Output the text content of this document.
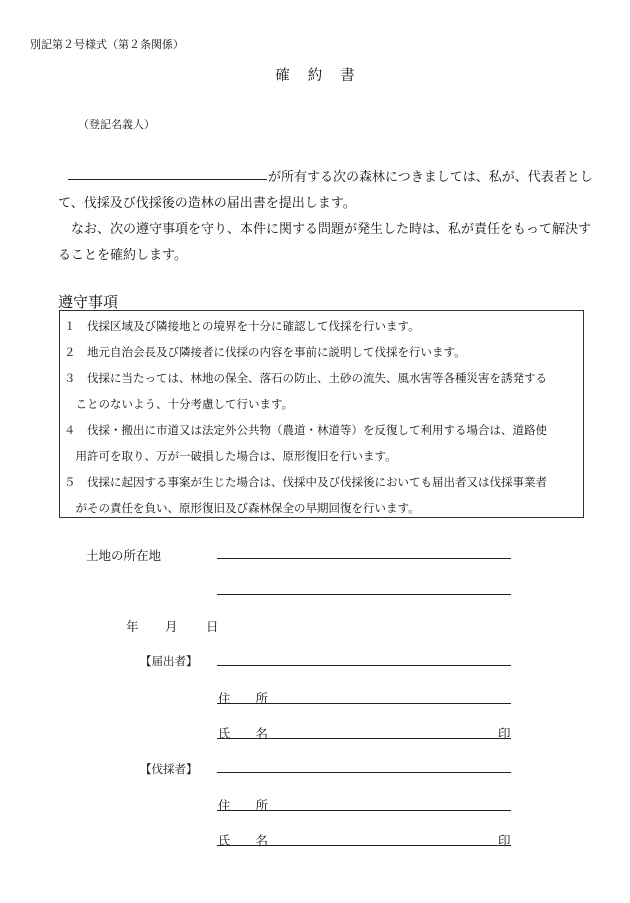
別記第２号様式（第２条関係）
確約書
（登記名義人）
が所有する次の森林につきましては、私が、代表者とし
て、伐採及び伐採後の造林の届出書を提出します。
　なお、次の遵守事項を守り、本件に関する問題が発生した時は、私が責任をもって解決す
ることを確約します。
遵守事項
１　伐採区域及び隣接地との境界を十分に確認して伐採を行います。
２　地元自治会長及び隣接者に伐採の内容を事前に説明して伐採を行います。
３　伐採に当たっては、林地の保全、落石の防止、土砂の流失、風水害等各種災害を誘発する
　ことのないよう、十分考慮して行います。
４　伐採・搬出に市道又は法定外公共物（農道・林道等）を反復して利用する場合は、道路使
　用許可を取り、万が一破損した場合は、原形復旧を行います。
５　伐採に起因する事案が生じた場合は、伐採中及び伐採後においても届出者又は伐採事業者
　がその責任を負い、原形復旧及び森林保全の早期回復を行います。
土地の所在地
年 月 日
【届出者】
住　　所
氏　　名	印
【伐採者】
住　　所
氏　　名	印
